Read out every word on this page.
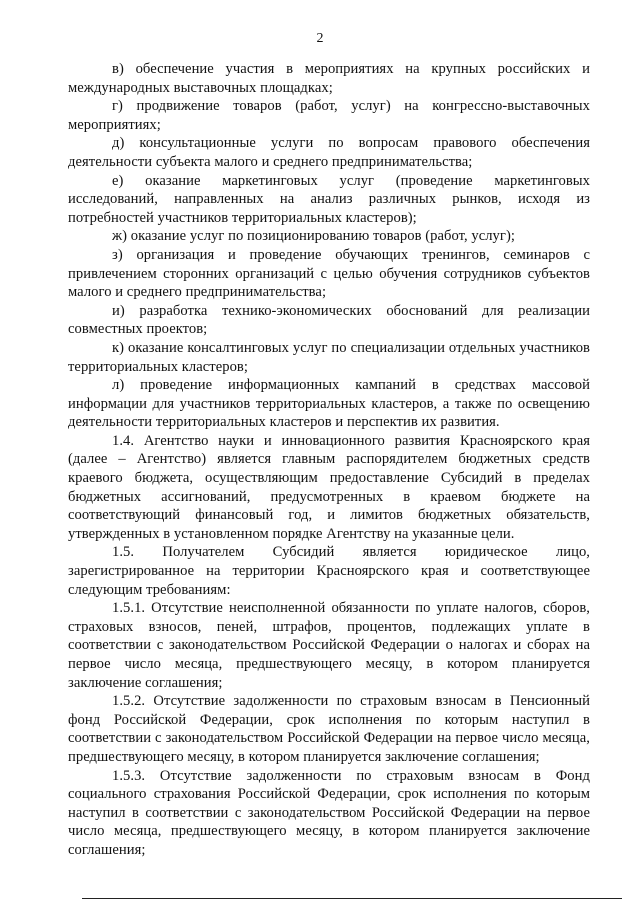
2

в) обеспечение участия в мероприятиях на крупных российских и международных выставочных площадках;

г) продвижение товаров (работ, услуг) на конгрессно-выставочных мероприятиях;

д) консультационные услуги по вопросам правового обеспечения деятельности субъекта малого и среднего предпринимательства;

е) оказание маркетинговых услуг (проведение маркетинговых исследований, направленных на анализ различных рынков, исходя из потребностей участников территориальных кластеров);

ж) оказание услуг по позиционированию товаров (работ, услуг);

з) организация и проведение обучающих тренингов, семинаров с привлечением сторонних организаций с целью обучения сотрудников субъектов малого и среднего предпринимательства;

и) разработка технико-экономических обоснований для реализации совместных проектов;

к) оказание консалтинговых услуг по специализации отдельных участников территориальных кластеров;

л) проведение информационных кампаний в средствах массовой информации для участников территориальных кластеров, а также по освещению деятельности территориальных кластеров и перспектив их развития.

1.4. Агентство науки и инновационного развития Красноярского края (далее – Агентство) является главным распорядителем бюджетных средств краевого бюджета, осуществляющим предоставление Субсидий в пределах бюджетных ассигнований, предусмотренных в краевом бюджете на соответствующий финансовый год, и лимитов бюджетных обязательств, утвержденных в установленном порядке Агентству на указанные цели.

1.5. Получателем Субсидий является юридическое лицо, зарегистрированное на территории Красноярского края и соответствующее следующим требованиям:

1.5.1. Отсутствие неисполненной обязанности по уплате налогов, сборов, страховых взносов, пеней, штрафов, процентов, подлежащих уплате в соответствии с законодательством Российской Федерации о налогах и сборах на первое число месяца, предшествующего месяцу, в котором планируется заключение соглашения;

1.5.2. Отсутствие задолженности по страховым взносам в Пенсионный фонд Российской Федерации, срок исполнения по которым наступил в соответствии с законодательством Российской Федерации на первое число месяца, предшествующего месяцу, в котором планируется заключение соглашения;

1.5.3. Отсутствие задолженности по страховым взносам в Фонд социального страхования Российской Федерации, срок исполнения по которым наступил в соответствии с законодательством Российской Федерации на первое число месяца, предшествующего месяцу, в котором планируется заключение соглашения;
